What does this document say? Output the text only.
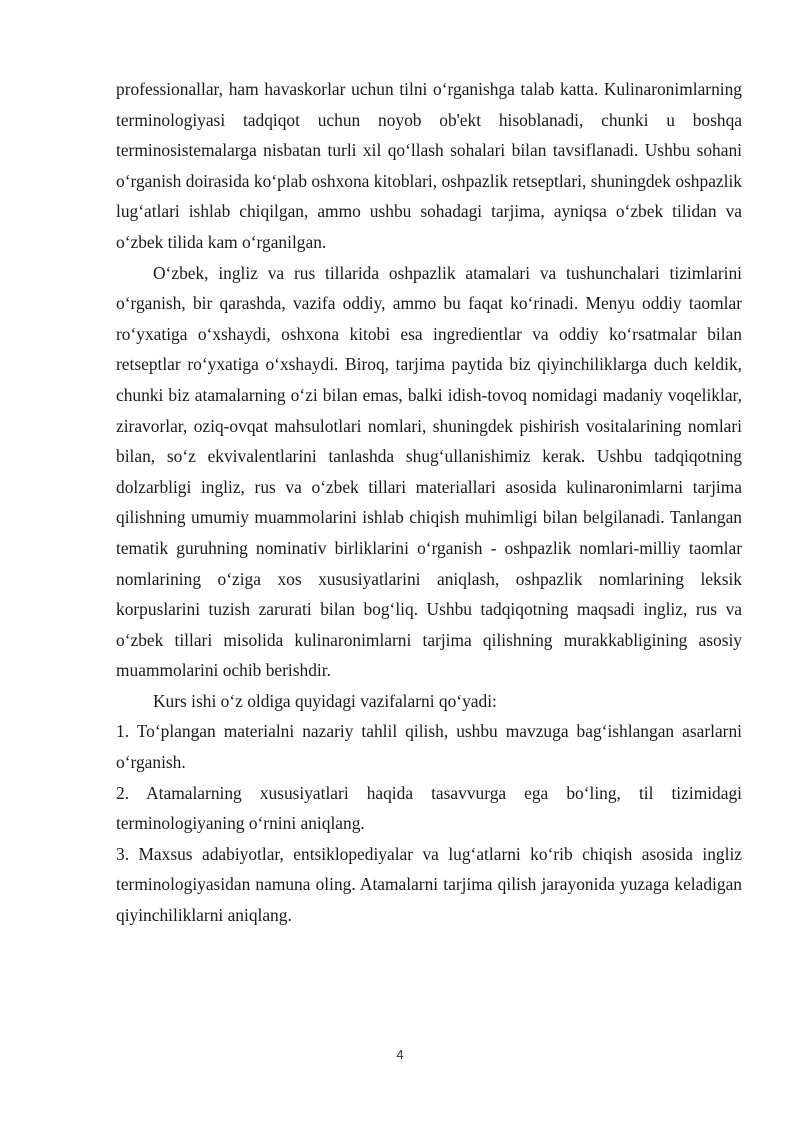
professionallar, ham havaskorlar uchun tilni o‘rganishga talab katta. Kulinaronimlarning terminologiyasi tadqiqot uchun noyob ob'ekt hisoblanadi, chunki u boshqa terminosistemalarga nisbatan turli xil qo‘llash sohalari bilan tavsiflanadi. Ushbu sohani o‘rganish doirasida ko‘plab oshxona kitoblari, oshpazlik retseptlari, shuningdek oshpazlik lug‘atlari ishlab chiqilgan, ammo ushbu sohadagi tarjima, ayniqsa o‘zbek tilidan va o‘zbek tilida kam o‘rganilgan.

O‘zbek, ingliz va rus tillarida oshpazlik atamalari va tushunchalari tizimlarini o‘rganish, bir qarashda, vazifa oddiy, ammo bu faqat ko‘rinadi. Menyu oddiy taomlar ro‘yxatiga o‘xshaydi, oshxona kitobi esa ingredientlar va oddiy ko‘rsatmalar bilan retseptlar ro‘yxatiga o‘xshaydi. Biroq, tarjima paytida biz qiyinchiliklarga duch keldik, chunki biz atamalarning o‘zi bilan emas, balki idish-tovoq nomidagi madaniy voqeliklar, ziravorlar, oziq-ovqat mahsulotlari nomlari, shuningdek pishirish vositalarining nomlari bilan, so‘z ekvivalentlarini tanlashda shug‘ullanishimiz kerak. Ushbu tadqiqotning dolzarbligi ingliz, rus va o‘zbek tillari materiallari asosida kulinaronimlarni tarjima qilishning umumiy muammolarini ishlab chiqish muhimligi bilan belgilanadi. Tanlangan tematik guruhning nominativ birliklarini o‘rganish - oshpazlik nomlari-milliy taomlar nomlarining o‘ziga xos xususiyatlarini aniqlash, oshpazlik nomlarining leksik korpuslarini tuzish zarurati bilan bog‘liq. Ushbu tadqiqotning maqsadi ingliz, rus va o‘zbek tillari misolida kulinaronimlarni tarjima qilishning murakkabligining asosiy muammolarini ochib berishdir.

Kurs ishi o‘z oldiga quyidagi vazifalarni qo‘yadi:

1. To‘plangan materialni nazariy tahlil qilish, ushbu mavzuga bag‘ishlangan asarlarni o‘rganish.

2. Atamalarning xususiyatlari haqida tasavvurga ega bo‘ling, til tizimidagi terminologiyaning o‘rnini aniqlang.

3. Maxsus adabiyotlar, entsiklopediyalar va lug‘atlarni ko‘rib chiqish asosida ingliz terminologiyasidan namuna oling. Atamalarni tarjima qilish jarayonida yuzaga keladigan qiyinchiliklarni aniqlang.

4
